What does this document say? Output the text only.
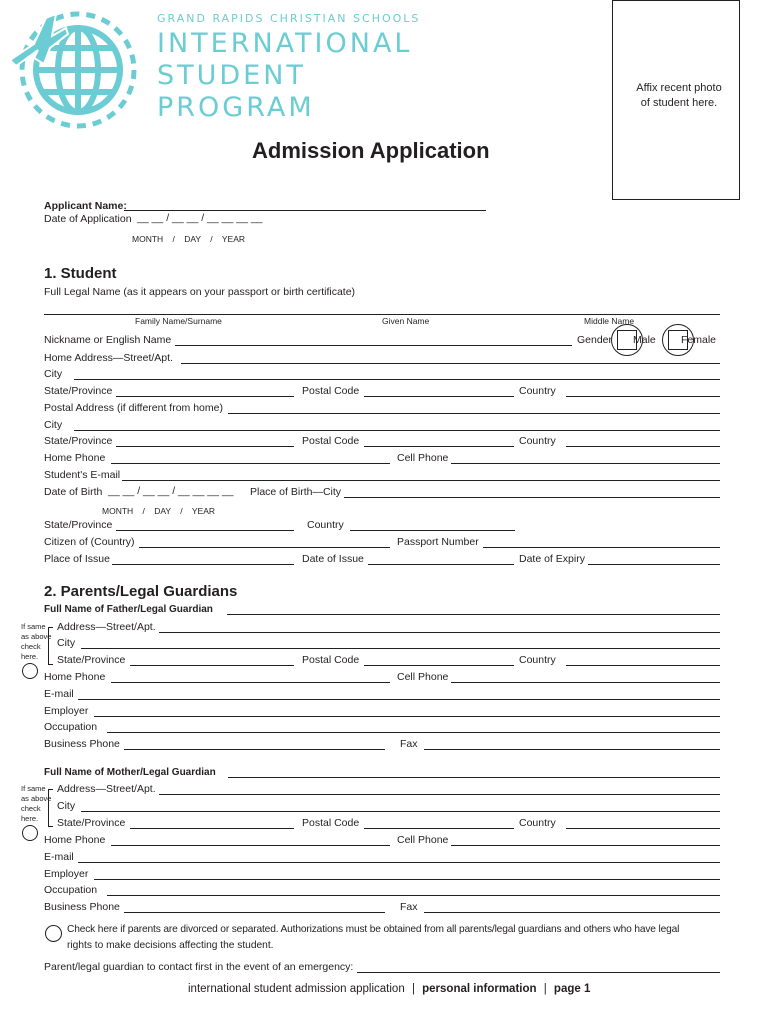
GRAND RAPIDS CHRISTIAN SCHOOLS
INTERNATIONAL
STUDENT
PROGRAM
Affix recent photo of student here.
Admission Application
Applicant Name:
Date of Application __ __ / __ __ / __ __ __ __
MONTH / DAY / YEAR
1. Student
Full Legal Name (as it appears on your passport or birth certificate)
Family Name/Surname	Given Name	Middle Name
Nickname or English Name	Gender Male Female
Home Address—Street/Apt.
City
State/Province	Postal Code	Country
Postal Address (if different from home)
City
State/Province	Postal Code	Country
Home Phone	Cell Phone
Student's E-mail
Date of Birth __ __ / __ __ / __ __ __ __ Place of Birth—City
MONTH / DAY / YEAR
State/Province	Country
Citizen of (Country)	Passport Number
Place of Issue	Date of Issue	Date of Expiry
2. Parents/Legal Guardians
Full Name of Father/Legal Guardian
If same
as above
check
here.
Address—Street/Apt.
City
State/Province	Postal Code	Country
Home Phone	Cell Phone
E-mail
Employer
Occupation
Business Phone	Fax
Full Name of Mother/Legal Guardian
If same
as above
check
here.
Address—Street/Apt.
City
State/Province	Postal Code	Country
Home Phone	Cell Phone
E-mail
Employer
Occupation
Business Phone	Fax
Check here if parents are divorced or separated. Authorizations must be obtained from all parents/legal guardians and others who have legal
rights to make decisions affecting the student.
Parent/legal guardian to contact first in the event of an emergency:
international student admission application | personal information | page 1
